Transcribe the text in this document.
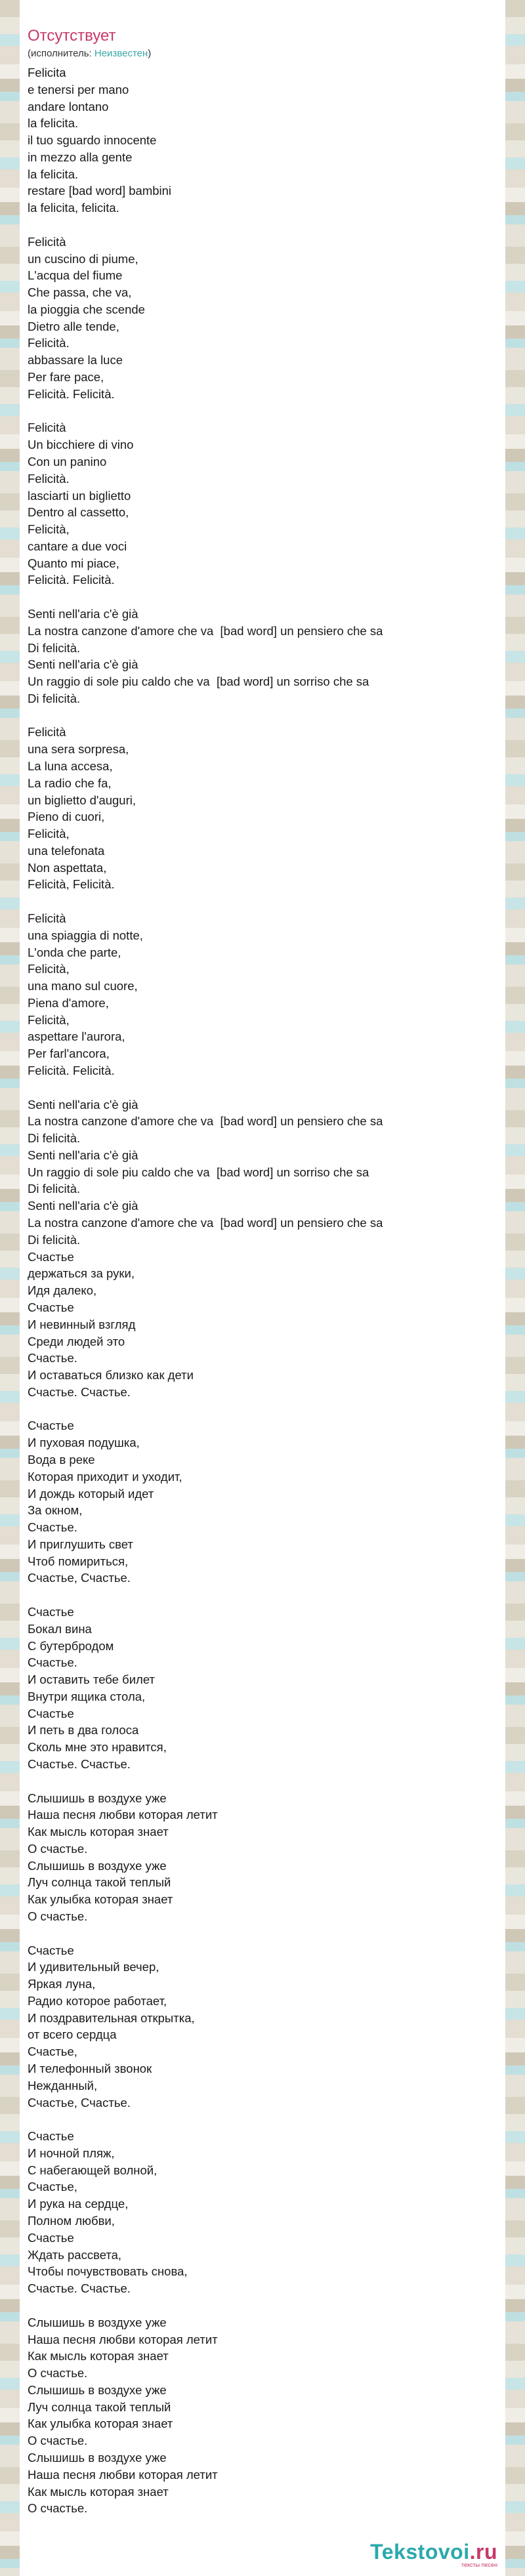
Отсутствует
(исполнитель: Неизвестен)
Felicita
e tenersi per mano
andare lontano
la felicita.
il tuo sguardo innocente
in mezzo alla gente
la felicita.
restare [bad word] bambini
la felicita, felicita.
Felicità
un cuscino di piume,
L'acqua del fiume
Che passa, che va,
la pioggia che scende
Dietro alle tende,
Felicità.
abbassare la luce
Per fare pace,
Felicità. Felicità.
Felicità
Un bicchiere di vino
Con un panino
Felicità.
lasciarti un biglietto
Dentro al cassetto,
Felicità,
cantare a due voci
Quanto mi piace,
Felicità. Felicità.
Senti nell'aria c'è già
La nostra canzone d'amore che va  [bad word] un pensiero che sa
Di felicità.
Senti nell'aria c'è già
Un raggio di sole piu caldo che va  [bad word] un sorriso che sa
Di felicità.
Felicità
una sera sorpresa,
La luna accesa,
La radio che fa,
un biglietto d'auguri,
Pieno di cuori,
Felicità,
una telefonata
Non aspettata,
Felicità, Felicità.
Felicità
una spiaggia di notte,
L'onda che parte,
Felicità,
una mano sul cuore,
Piena d'amore,
Felicità,
aspettare l'aurora,
Per farl'ancora,
Felicità. Felicità.
Senti nell'aria c'è già
La nostra canzone d'amore che va  [bad word] un pensiero che sa
Di felicità.
Senti nell'aria c'è già
Un raggio di sole piu caldo che va  [bad word] un sorriso che sa
Di felicità.
Senti nell'aria c'è già
La nostra canzone d'amore che va  [bad word] un pensiero che sa
Di felicità.
Счастье
держаться за руки,
Идя далеко,
Счастье
И невинный взгляд
Среди людей это
Счастье.
И оставаться близко как дети
Счастье. Счастье.
Счастье
И пуховая подушка,
Вода в реке
Которая приходит и уходит,
И дождь который идет
За окном,
Счастье.
И приглушить свет
Чтоб помириться,
Счастье, Счастье.
Счастье
Бокал вина
С бутербродом
Счастье.
И оставить тебе билет
Внутри ящика стола,
Счастье
И петь в два голоса
Сколь мне это нравится,
Счастье. Счастье.
Слышишь в воздухе уже
Наша песня любви которая летит
Как мысль которая знает
О счастье.
Слышишь в воздухе уже
Луч солнца такой теплый
Как улыбка которая знает
О счастье.
Счастье
И удивительный вечер,
Яркая луна,
Радио которое работает,
И поздравительная открытка,
от всего сердца
Счастье,
И телефонный звонок
Нежданный,
Счастье, Счастье.
Счастье
И ночной пляж,
С набегающей волной,
Счастье,
И рука на сердце,
Полном любви,
Счастье
Ждать рассвета,
Чтобы почувствовать снова,
Счастье. Счастье.
Слышишь в воздухе уже
Наша песня любви которая летит
Как мысль которая знает
О счастье.
Слышишь в воздухе уже
Луч солнца такой теплый
Как улыбка которая знает
О счастье.
Слышишь в воздухе уже
Наша песня любви которая летит
Как мысль которая знает
О счастье.
Tekstovoi.ru
тексты песен
